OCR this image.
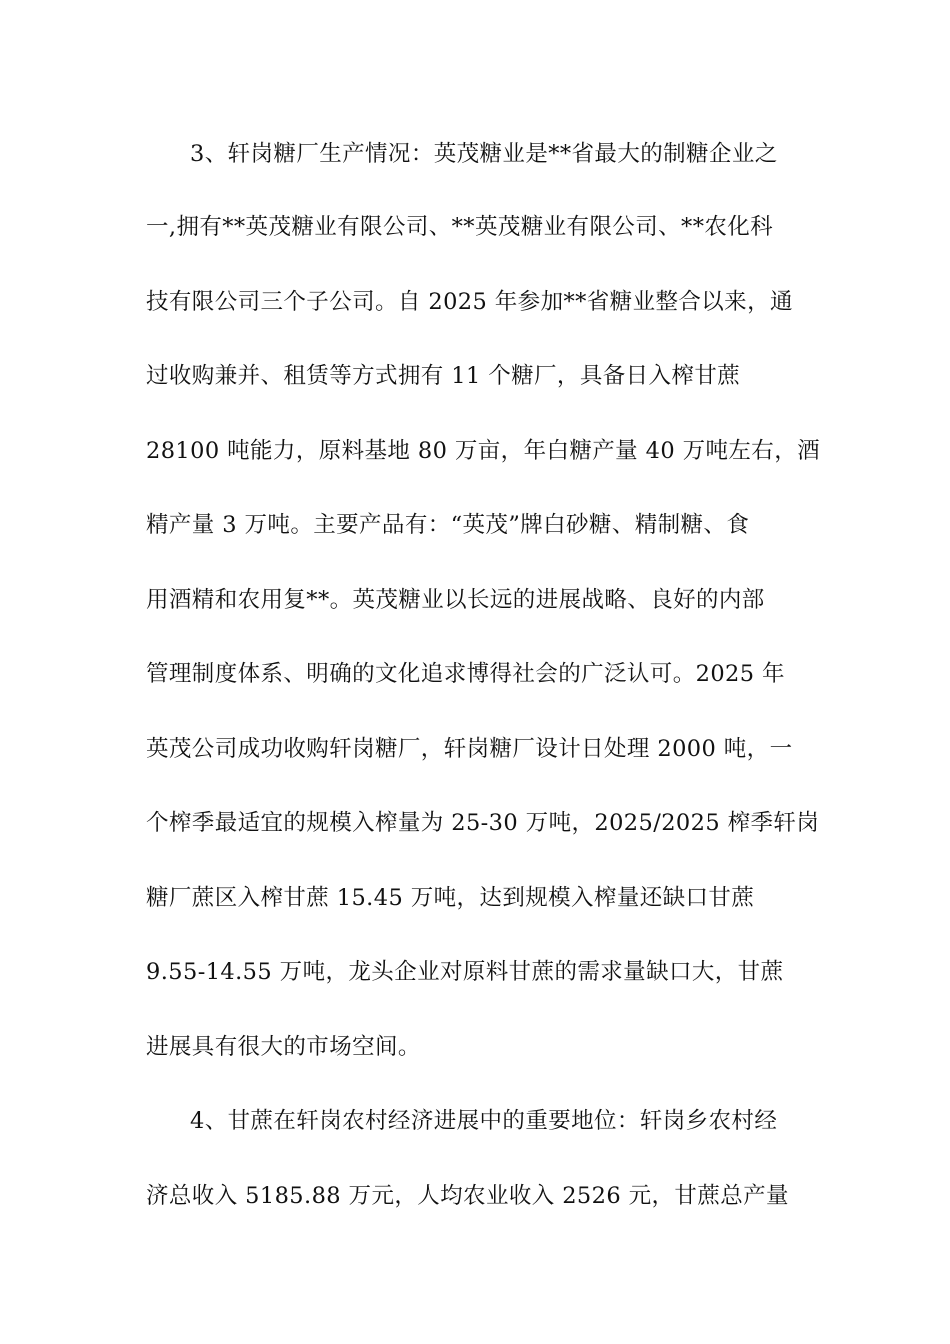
3、轩岗糖厂生产情况：英茂糖业是**省最大的制糖企业之
一,拥有**英茂糖业有限公司、**英茂糖业有限公司、**农化科
技有限公司三个子公司。自 2025 年参加**省糖业整合以来，通
过收购兼并、租赁等方式拥有 11 个糖厂，具备日入榨甘蔗
28100 吨能力，原料基地 80 万亩，年白糖产量 40 万吨左右，酒
精产量 3 万吨。主要产品有：“英茂”牌白砂糖、精制糖、食
用酒精和农用复**。英茂糖业以长远的进展战略、良好的内部
管理制度体系、明确的文化追求博得社会的广泛认可。2025 年
英茂公司成功收购轩岗糖厂，轩岗糖厂设计日处理 2000 吨，一
个榨季最适宜的规模入榨量为 25-30 万吨，2025/2025 榨季轩岗
糖厂蔗区入榨甘蔗 15.45 万吨，达到规模入榨量还缺口甘蔗
9.55-14.55 万吨，龙头企业对原料甘蔗的需求量缺口大，甘蔗
进展具有很大的市场空间。
4、甘蔗在轩岗农村经济进展中的重要地位：轩岗乡农村经
济总收入 5185.88 万元，人均农业收入 2526 元，甘蔗总产量
